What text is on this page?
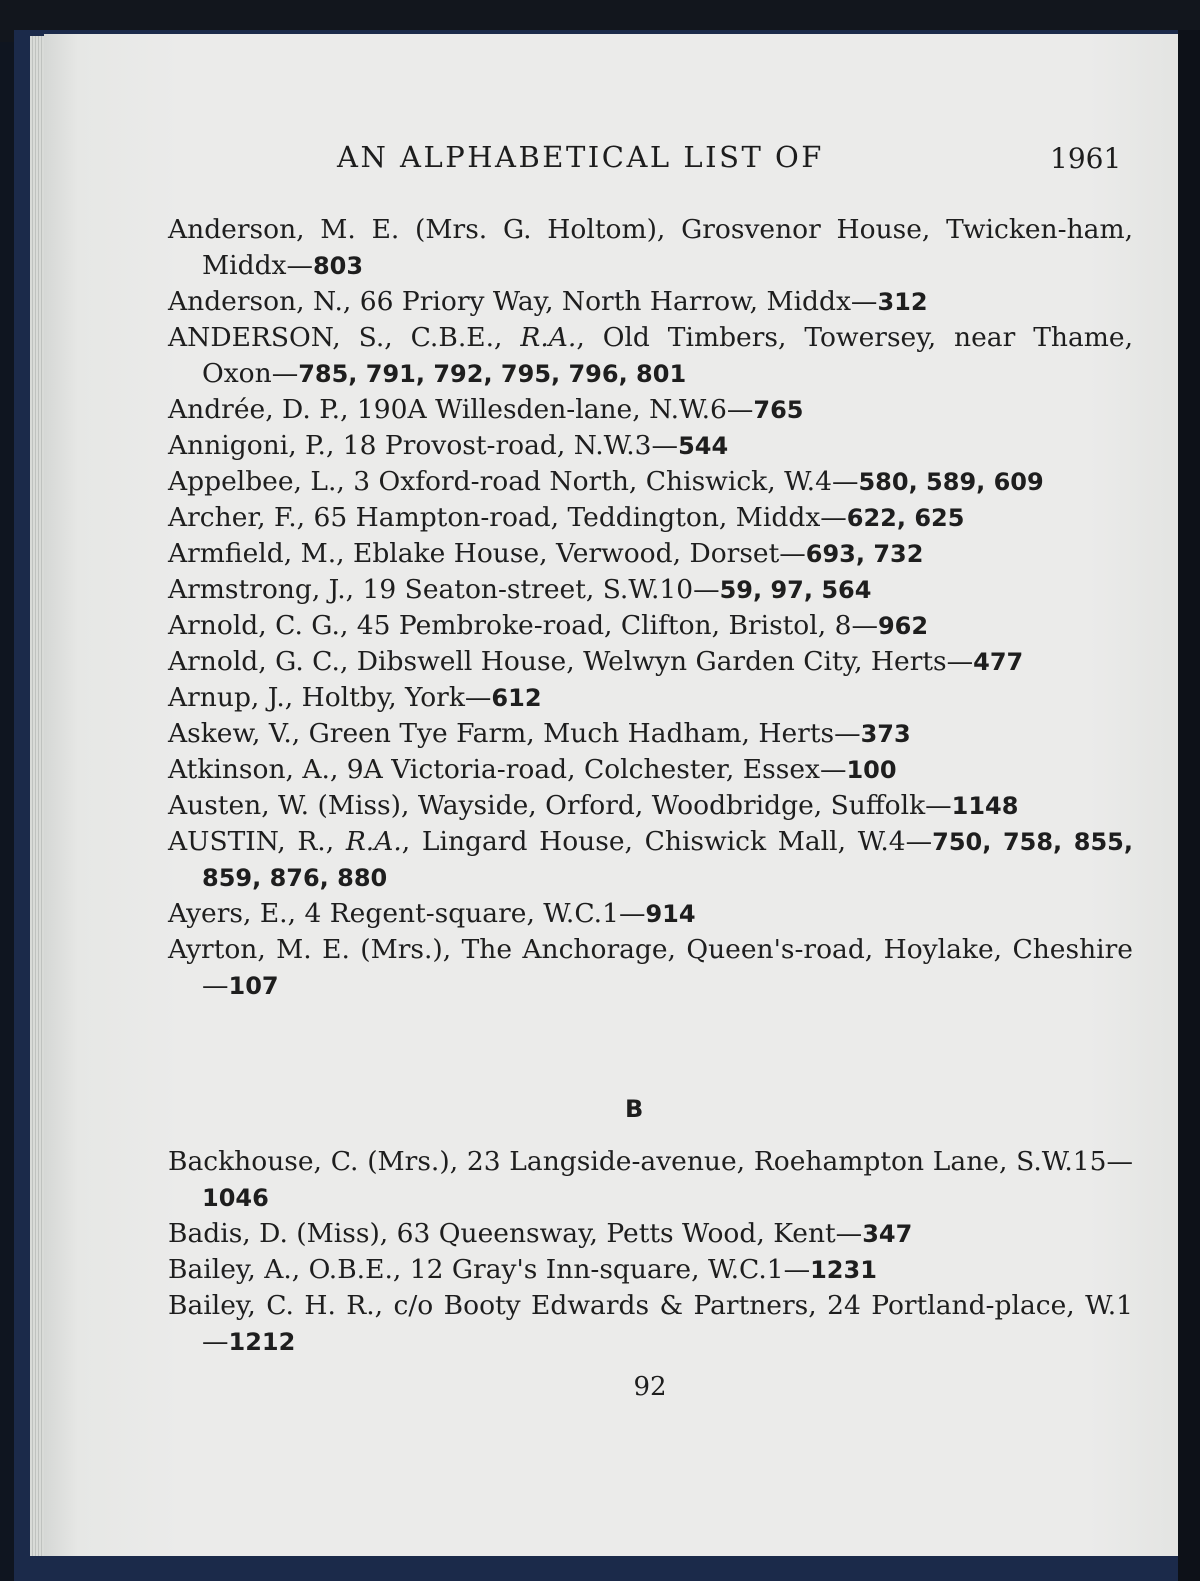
AN ALPHABETICAL LIST OF	1961
Anderson, M. E. (Mrs. G. Holtom), Grosvenor House, Twicken-ham, Middx—803
Anderson, N., 66 Priory Way, North Harrow, Middx—312
ANDERSON, S., C.B.E., R.A., Old Timbers, Towersey, near Thame, Oxon—785, 791, 792, 795, 796, 801
Andrée, D. P., 190A Willesden-lane, N.W.6—765
Annigoni, P., 18 Provost-road, N.W.3—544
Appelbee, L., 3 Oxford-road North, Chiswick, W.4—580, 589, 609
Archer, F., 65 Hampton-road, Teddington, Middx—622, 625
Armfield, M., Eblake House, Verwood, Dorset—693, 732
Armstrong, J., 19 Seaton-street, S.W.10—59, 97, 564
Arnold, C. G., 45 Pembroke-road, Clifton, Bristol, 8—962
Arnold, G. C., Dibswell House, Welwyn Garden City, Herts—477
Arnup, J., Holtby, York—612
Askew, V., Green Tye Farm, Much Hadham, Herts—373
Atkinson, A., 9A Victoria-road, Colchester, Essex—100
Austen, W. (Miss), Wayside, Orford, Woodbridge, Suffolk—1148
AUSTIN, R., R.A., Lingard House, Chiswick Mall, W.4—750, 758, 855, 859, 876, 880
Ayers, E., 4 Regent-square, W.C.1—914
Ayrton, M. E. (Mrs.), The Anchorage, Queen's-road, Hoylake, Cheshire—107
B
Backhouse, C. (Mrs.), 23 Langside-avenue, Roehampton Lane, S.W.15—1046
Badis, D. (Miss), 63 Queensway, Petts Wood, Kent—347
Bailey, A., O.B.E., 12 Gray's Inn-square, W.C.1—1231
Bailey, C. H. R., c/o Booty Edwards & Partners, 24 Portland-place, W.1—1212
92
